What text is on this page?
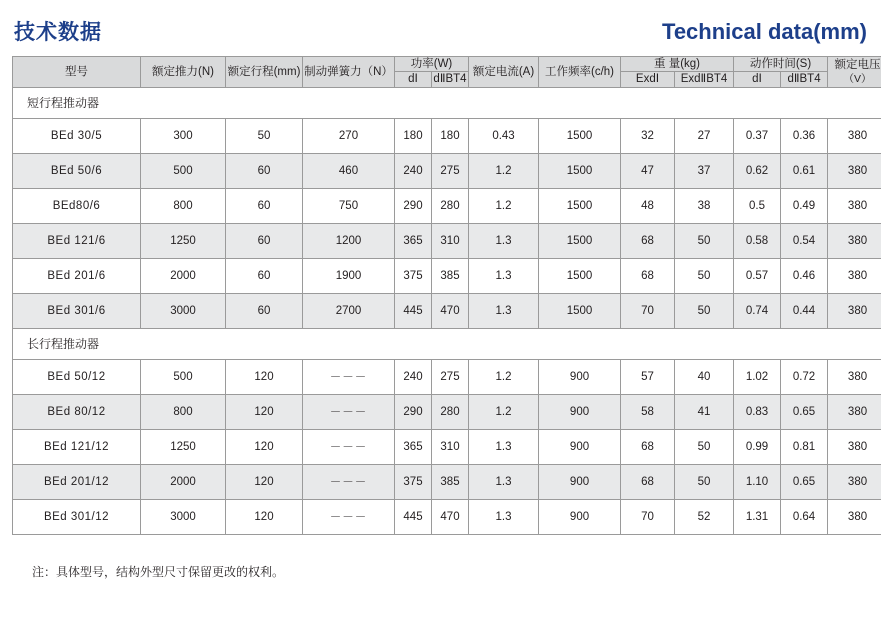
技术数据	Technical data(mm)
型号	额定推力(N)	额定行程(mm)	制动弹簧力（N）	功率(W)		额定电流(A)	工作频率(c/h)	重 量(kg)		动作时间(S)		额定电压
（V）

				dⅠ	dⅡBT4			ExdⅠ	ExdⅡBT4	dⅠ	dⅡBT4	
短行程推动器												
BEd 30/5	300	50	270	180	180	0.43	1500	32	27	0.37	0.36	380
BEd 50/6	500	60	460	240	275	1.2	1500	47	37	0.62	0.61	380
BEd80/6	800	60	750	290	280	1.2	1500	48	38	0.5	0.49	380
BEd 121/6	1250	60	1200	365	310	1.3	1500	68	50	0.58	0.54	380
BEd 201/6	2000	60	1900	375	385	1.3	1500	68	50	0.57	0.46	380
BEd 301/6	3000	60	2700	445	470	1.3	1500	70	50	0.74	0.44	380
长行程推动器												
BEd 50/12	500	120	－－－	240	275	1.2	900	57	40	1.02	0.72	380
BEd 80/12	800	120	－－－	290	280	1.2	900	58	41	0.83	0.65	380
BEd 121/12	1250	120	－－－	365	310	1.3	900	68	50	0.99	0.81	380
BEd 201/12	2000	120	－－－	375	385	1.3	900	68	50	1.10	0.65	380
BEd 301/12	3000	120	－－－	445	470	1.3	900	70	52	1.31	0.64	380
注：具体型号，结构外型尺寸保留更改的权利。
